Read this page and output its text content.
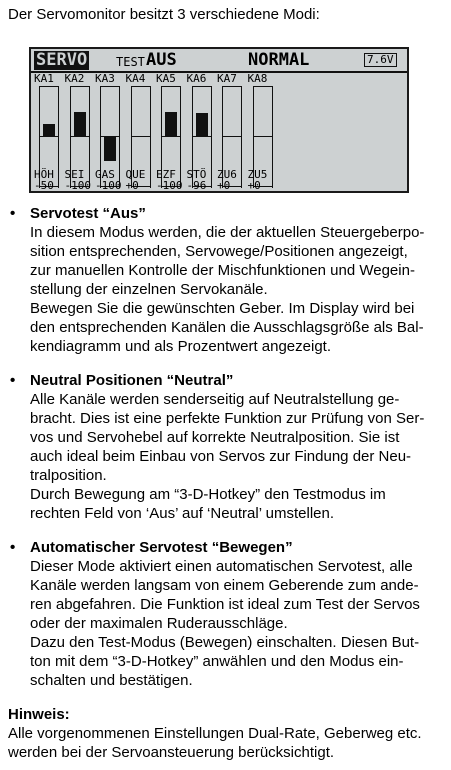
Der Servomonitor besitzt 3 verschiedene Modi:
SERVO TEST AUS	NORMAL	7.6V
KA1 KA2 KA3 KA4 KA5 KA6 KA7 KA8
HÖH
-50
SEI
-100
GAS
-100
QUE
+0
EZF
-100
STÖ
-96
ZU6
+0
ZU5
+0
• Servotest “Aus”

In diesem Modus werden, die der aktuellen Steuergeberpo-

sition entsprechenden, Servowege/Positionen angezeigt,

zur manuellen Kontrolle der Mischfunktionen und Wegein-

stellung der einzelnen Servokanäle.

Bewegen Sie die gewünschten Geber. Im Display wird bei

den entsprechenden Kanälen die Ausschlagsgröße als Bal-

kendiagramm und als Prozentwert angezeigt.

• Neutral Positionen “Neutral”

Alle Kanäle werden senderseitig auf Neutralstellung ge-

bracht. Dies ist eine perfekte Funktion zur Prüfung von Ser-

vos und Servohebel auf korrekte Neutralposition. Sie ist

auch ideal beim Einbau von Servos zur Findung der Neu-

tralposition.

Durch Bewegung am “3-D-Hotkey” den Testmodus im

rechten Feld von ‘Aus’ auf ‘Neutral’ umstellen.

• Automatischer Servotest “Bewegen”

Dieser Mode aktiviert einen automatischen Servotest, alle

Kanäle werden langsam von einem Geberende zum ande-

ren abgefahren. Die Funktion ist ideal zum Test der Servos

oder der maximalen Ruderausschläge.

Dazu den Test-Modus (Bewegen) einschalten. Diesen But-

ton mit dem “3-D-Hotkey” anwählen und den Modus ein-

schalten und bestätigen.

Hinweis:
Alle vorgenommenen Einstellungen Dual-Rate, Geberweg etc.
werden bei der Servoansteuerung berücksichtigt.
